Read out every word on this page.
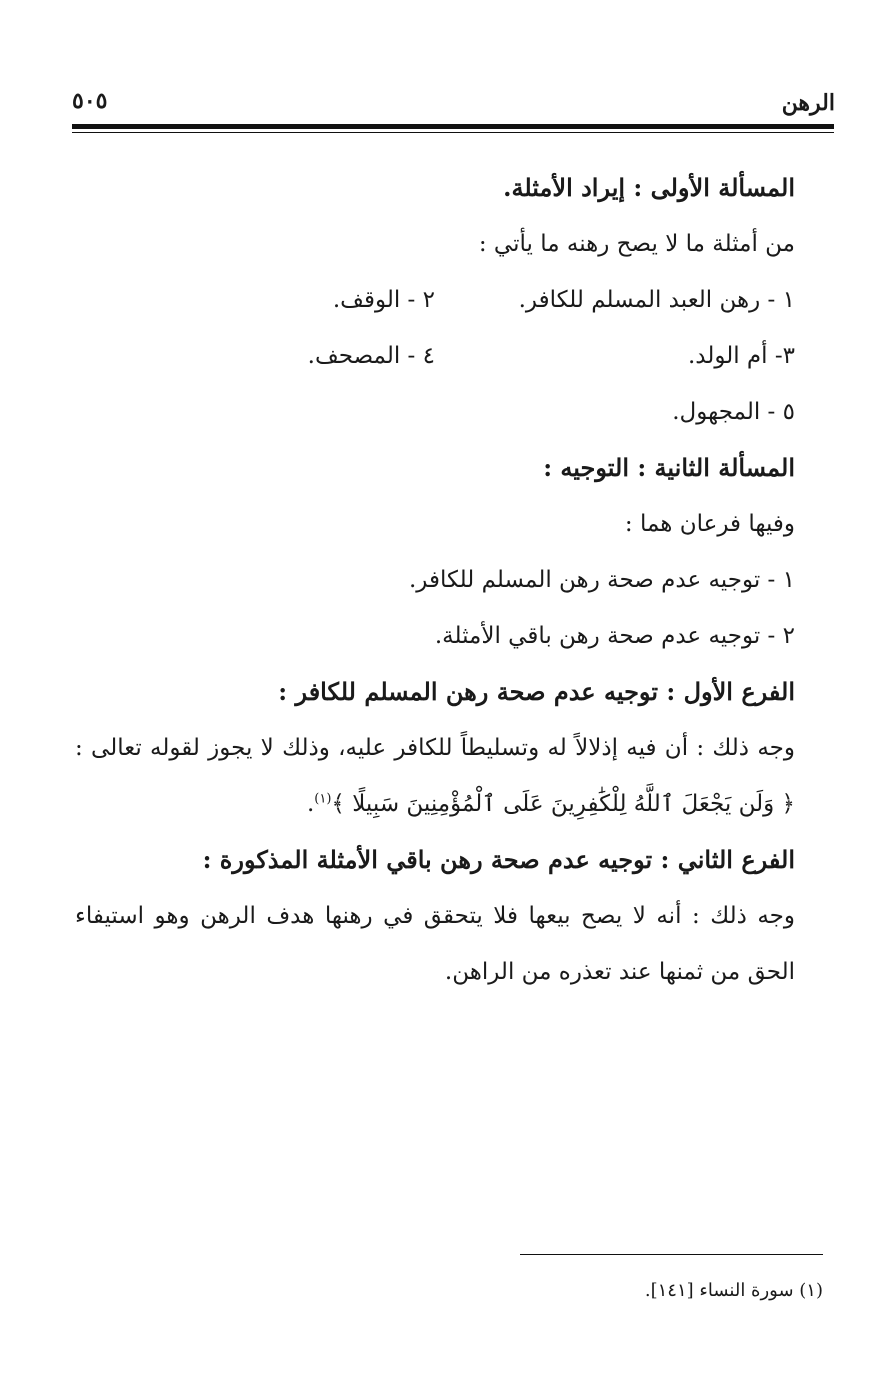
الرهن
٥٠٥

المسألة الأولى : إيراد الأمثلة.

من أمثلة ما لا يصح رهنه ما يأتي :

١ - رهن العبد المسلم للكافر.
٢ - الوقف.
٣- أم الولد.
٤ - المصحف.

٥ - المجهول.

المسألة الثانية : التوجيه :

وفيها فرعان هما :

١ - توجيه عدم صحة رهن المسلم للكافر.

٢ - توجيه عدم صحة رهن باقي الأمثلة.

الفرع الأول : توجيه عدم صحة رهن المسلم للكافر :

وجه ذلك : أن فيه إذلالاً له وتسليطاً للكافر عليه، وذلك لا يجوز لقوله تعالى : ﴿ وَلَن يَجْعَلَ ٱللَّهُ لِلْكَٰفِرِينَ عَلَى ٱلْمُؤْمِنِينَ سَبِيلًا ﴾$^{(١)}$.

الفرع الثاني : توجيه عدم صحة رهن باقي الأمثلة المذكورة :

وجه ذلك : أنه لا يصح بيعها فلا يتحقق في رهنها هدف الرهن وهو استيفاء الحق من ثمنها عند تعذره من الراهن.

(١) سورة النساء [١٤١].
